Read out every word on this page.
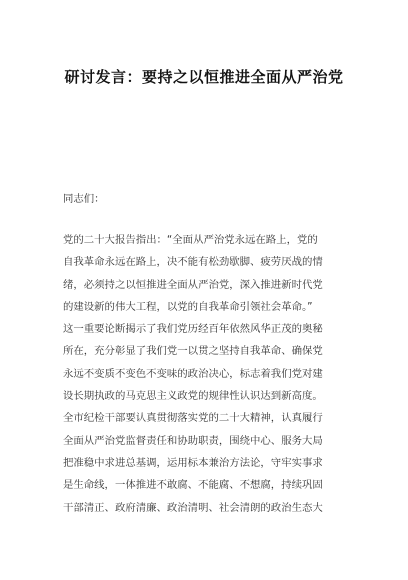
研讨发言：要持之以恒推进全面从严治党
同志们：
党的二十大报告指出：“全面从严治党永远在路上，党的
自我革命永远在路上，决不能有松劲歇脚、疲劳厌战的情
绪，必须持之以恒推进全面从严治党，深入推进新时代党
的建设新的伟大工程，以党的自我革命引领社会革命。”
这一重要论断揭示了我们党历经百年依然风华正茂的奥秘
所在，充分彰显了我们党一以贯之坚持自我革命、确保党
永远不变质不变色不变味的政治决心，标志着我们党对建
设长期执政的马克思主义政党的规律性认识达到新高度。
全市纪检干部要认真贯彻落实党的二十大精神，认真履行
全面从严治党监督责任和协助职责，围绕中心、服务大局
把准稳中求进总基调，运用标本兼治方法论，守牢实事求
是生命线，一体推进不敢腐、不能腐、不想腐，持续巩固
干部清正、政府清廉、政治清明、社会清朗的政治生态大
